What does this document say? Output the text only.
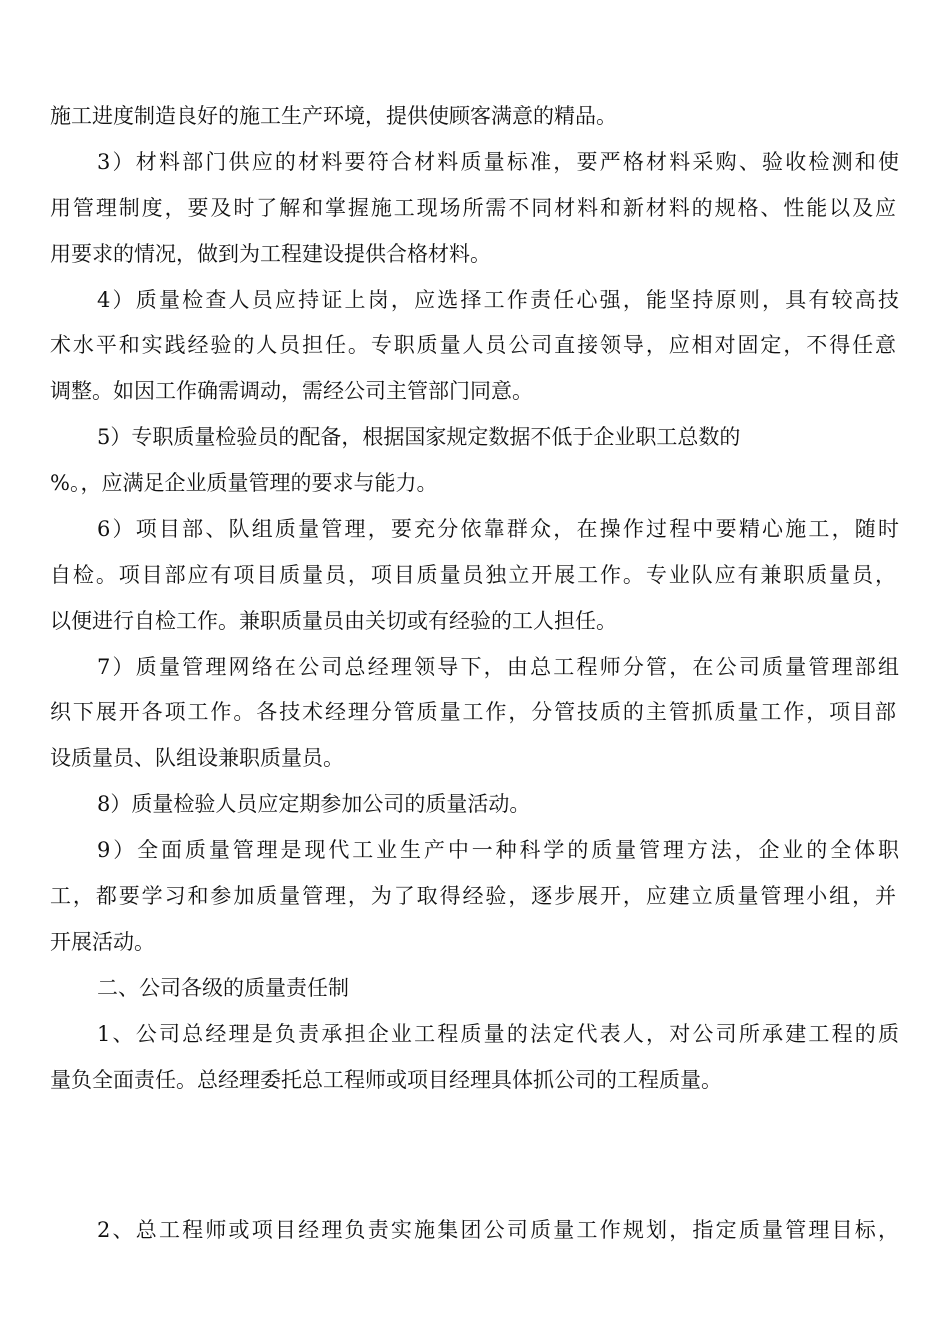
施工进度制造良好的施工生产环境，提供使顾客满意的精品。
3）材料部门供应的材料要符合材料质量标准，要严格材料采购、验收检测和使
用管理制度，要及时了解和掌握施工现场所需不同材料和新材料的规格、性能以及应
用要求的情况，做到为工程建设提供合格材料。
4）质量检查人员应持证上岗，应选择工作责任心强，能坚持原则，具有较高技
术水平和实践经验的人员担任。专职质量人员公司直接领导，应相对固定，不得任意
调整。如因工作确需调动，需经公司主管部门同意。
5）专职质量检验员的配备，根据国家规定数据不低于企业职工总数的
%。，应满足企业质量管理的要求与能力。
6）项目部、队组质量管理，要充分依靠群众，在操作过程中要精心施工，随时
自检。项目部应有项目质量员，项目质量员独立开展工作。专业队应有兼职质量员，
以便进行自检工作。兼职质量员由关切或有经验的工人担任。
7）质量管理网络在公司总经理领导下，由总工程师分管，在公司质量管理部组
织下展开各项工作。各技术经理分管质量工作，分管技质的主管抓质量工作，项目部
设质量员、队组设兼职质量员。
8）质量检验人员应定期参加公司的质量活动。
9）全面质量管理是现代工业生产中一种科学的质量管理方法，企业的全体职
工，都要学习和参加质量管理，为了取得经验，逐步展开，应建立质量管理小组，并
开展活动。
二、公司各级的质量责任制
1、公司总经理是负责承担企业工程质量的法定代表人，对公司所承建工程的质
量负全面责任。总经理委托总工程师或项目经理具体抓公司的工程质量。
2、总工程师或项目经理负责实施集团公司质量工作规划，指定质量管理目标，
